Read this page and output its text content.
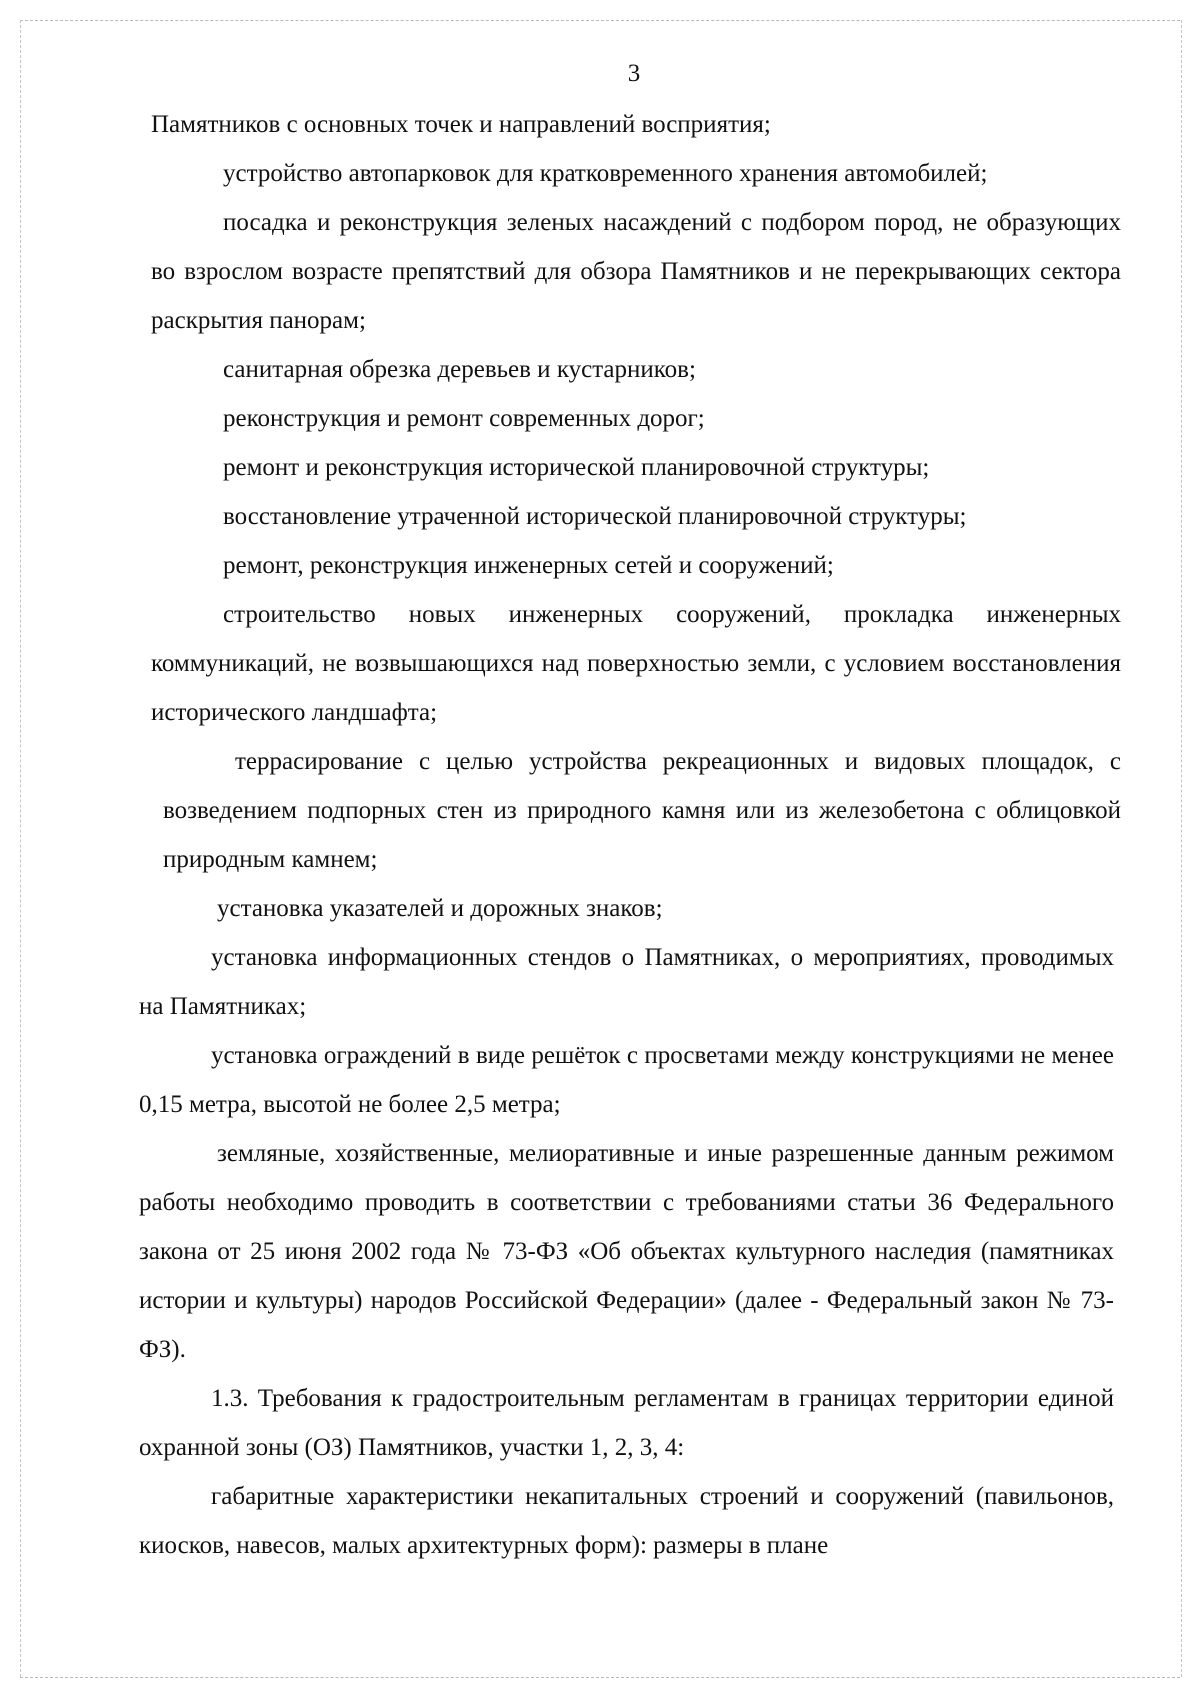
3

Памятников с основных точек и направлений восприятия;

устройство автопарковок для кратковременного хранения автомобилей;

посадка и реконструкция зеленых насаждений с подбором пород, не образующих во взрослом возрасте препятствий для обзора Памятников и не перекрывающих сектора раскрытия панорам;

санитарная обрезка деревьев и кустарников;

реконструкция и ремонт современных дорог;

ремонт и реконструкция исторической планировочной структуры;

восстановление утраченной исторической планировочной структуры;

ремонт, реконструкция инженерных сетей и сооружений;

строительство новых инженерных сооружений, прокладка инженерных коммуникаций, не возвышающихся над поверхностью земли, с условием восстановления исторического ландшафта;

террасирование с целью устройства рекреационных и видовых площадок, с возведением подпорных стен из природного камня или из железобетона с облицовкой природным камнем;

установка указателей и дорожных знаков;

установка информационных стендов о Памятниках, о мероприятиях, проводимых на Памятниках;

установка ограждений в виде решёток с просветами между конструкциями не менее 0,15 метра, высотой не более 2,5 метра;

земляные, хозяйственные, мелиоративные и иные разрешенные данным режимом работы необходимо проводить в соответствии с требованиями статьи 36 Федерального закона от 25 июня 2002 года № 73-ФЗ «Об объектах культурного наследия (памятниках истории и культуры) народов Российской Федерации» (далее - Федеральный закон № 73-ФЗ).

1.3. Требования к градостроительным регламентам в границах территории единой охранной зоны (ОЗ) Памятников, участки 1, 2, 3, 4:

габаритные характеристики некапитальных строений и сооружений (павильонов, киосков, навесов, малых архитектурных форм): размеры в плане
